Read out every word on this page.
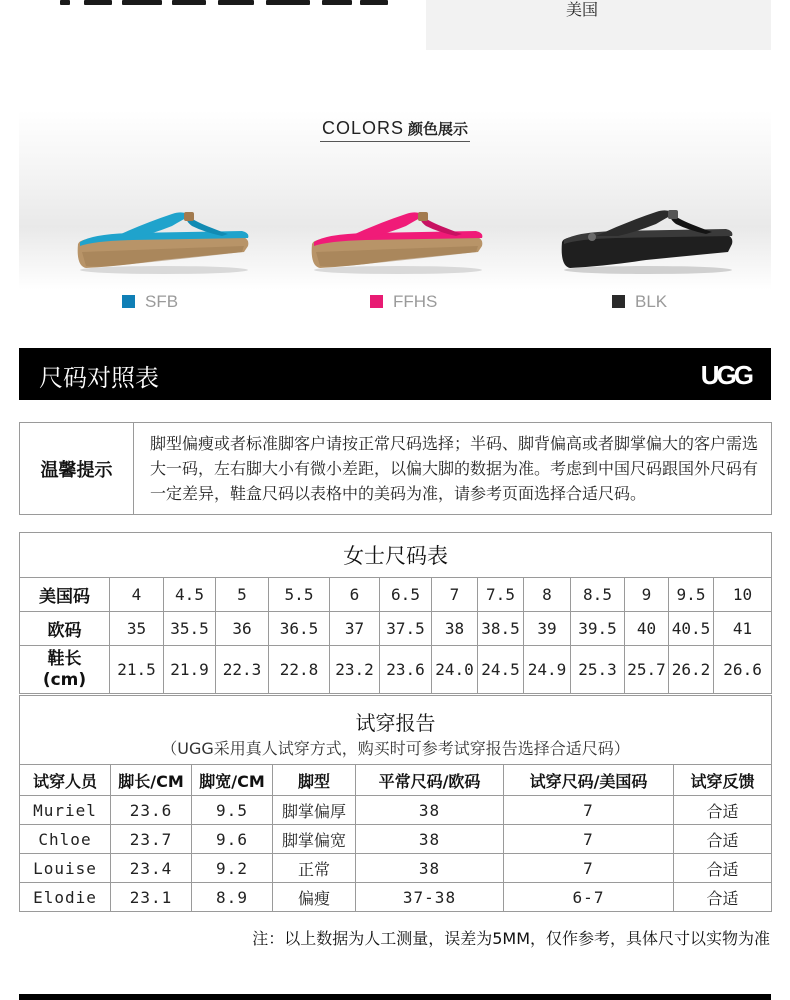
美国
COLORS 颜色展示
SFB	FFHS	BLK
尺码对照表	UGG
温馨提示	脚型偏瘦或者标准脚客户请按正常尺码选择；半码、脚背偏高或者脚掌偏大的客户需选大一码，左右脚大小有微小差距，以偏大脚的数据为准。考虑到中国尺码跟国外尺码有一定差异，鞋盒尺码以表格中的美码为准，请参考页面选择合适尺码。
女士尺码表													
美国码	4	4.5	5	5.5	6	6.5	7	7.5	8	8.5	9	9.5	10
欧码	35	35.5	36	36.5	37	37.5	38	38.5	39	39.5	40	40.5	41

鞋长
(cm)	21.5	21.9	22.3	22.8	23.2	23.6	24.0	24.5	24.9	25.3	25.7	26.2	26.6
试穿报告						
（UGG采用真人试穿方式，购买时可参考试穿报告选择合适尺码）						
试穿人员	脚长/CM	脚宽/CM	脚型	平常尺码/欧码	试穿尺码/美国码	试穿反馈
Muriel	23.6	9.5	脚掌偏厚	38	7	合适
Chloe	23.7	9.6	脚掌偏宽	38	7	合适
Louise	23.4	9.2	正常	38	7	合适
Elodie	23.1	8.9	偏瘦	37-38	6-7	合适
注：以上数据为人工测量，误差为5MM，仅作参考，具体尺寸以实物为准
